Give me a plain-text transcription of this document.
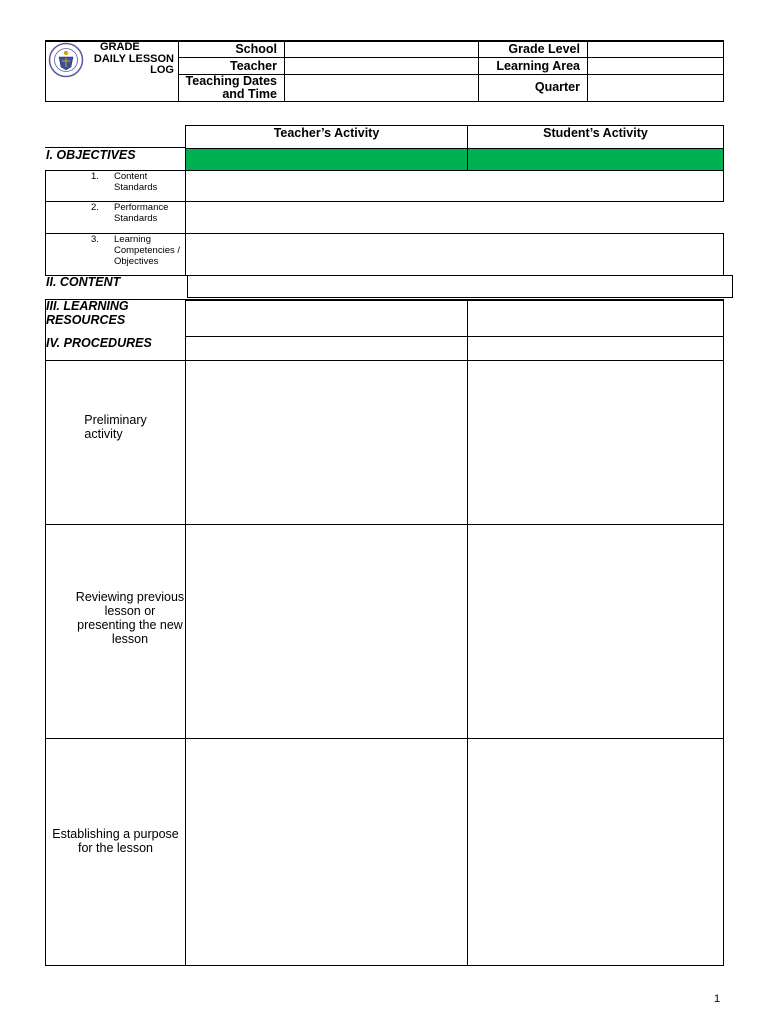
GRADE
DAILY LESSON
LOG
School
Teacher
Teaching Dates
and Time
Grade Level
Learning Area
Quarter
Teacher’s Activity	Student’s Activity
I. OBJECTIVES
1. Content
Standards
2. Performance
Standards
3. Learning
Competencies /
Objectives
II. CONTENT
III. LEARNING
RESOURCES
IV. PROCEDURES
Preliminary
activity
Reviewing previous
lesson or
presenting the new
lesson
Establishing a purpose
for the lesson
1
